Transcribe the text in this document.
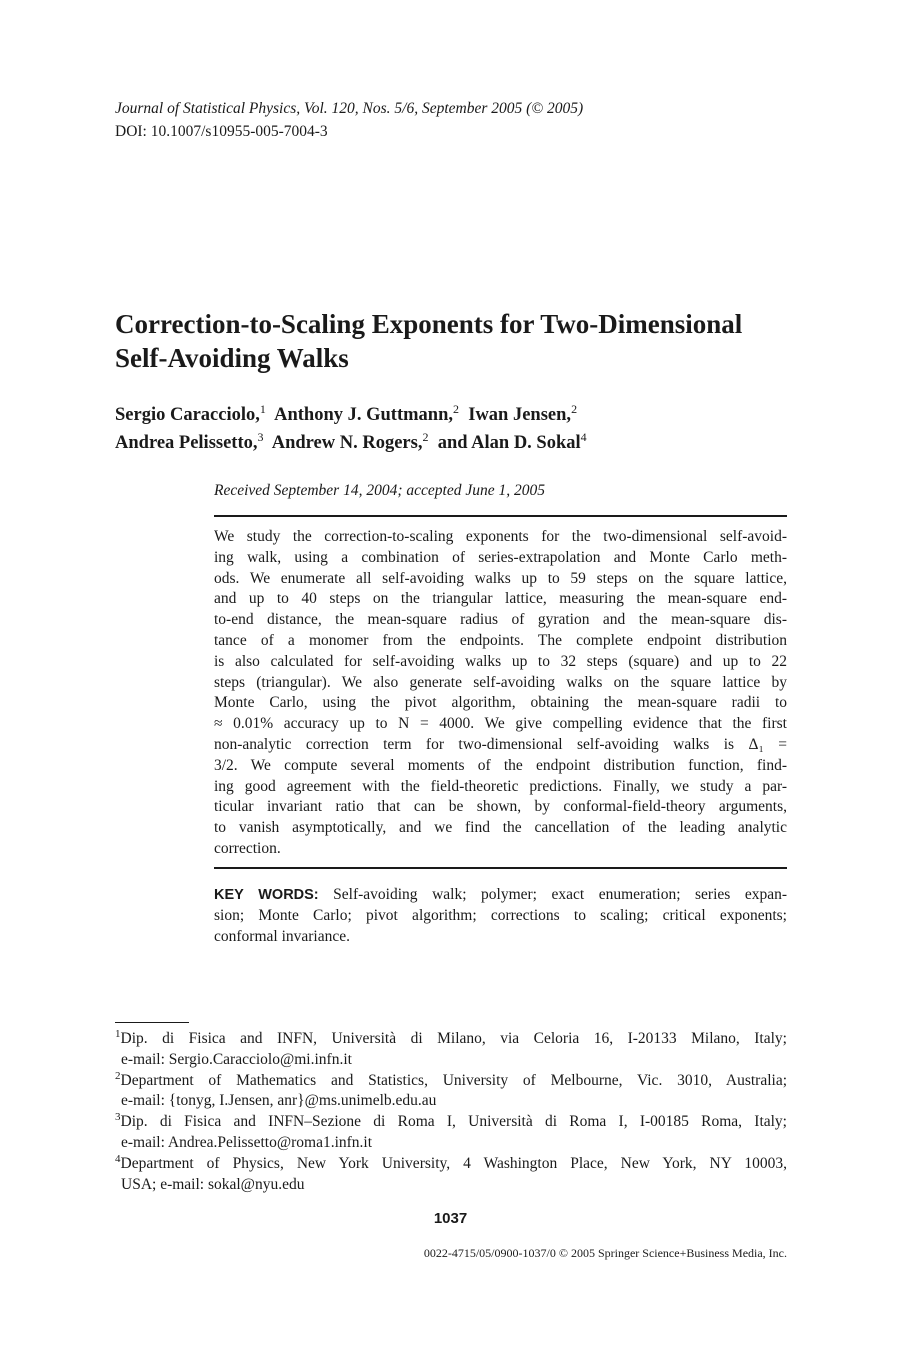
Journal of Statistical Physics, Vol. 120, Nos. 5/6, September 2005 (© 2005)
DOI: 10.1007/s10955-005-7004-3
Correction-to-Scaling Exponents for Two-Dimensional
Self-Avoiding Walks
Sergio Caracciolo,$^1$ Anthony J. Guttmann,$^2$ Iwan Jensen,$^2$
Andrea Pelissetto,$^3$ Andrew N. Rogers,$^2$ and Alan D. Sokal$^4$
Received September 14, 2004; accepted June 1, 2005
We study the correction-to-scaling exponents for the two-dimensional self-avoid-
ing walk, using a combination of series-extrapolation and Monte Carlo meth-
ods. We enumerate all self-avoiding walks up to 59 steps on the square lattice,
and up to 40 steps on the triangular lattice, measuring the mean-square end-
to-end distance, the mean-square radius of gyration and the mean-square dis-
tance of a monomer from the endpoints. The complete endpoint distribution
is also calculated for self-avoiding walks up to 32 steps (square) and up to 22
steps (triangular). We also generate self-avoiding walks on the square lattice by
Monte Carlo, using the pivot algorithm, obtaining the mean-square radii to
≈ 0.01% accuracy up to N = 4000. We give compelling evidence that the first
non-analytic correction term for two-dimensional self-avoiding walks is Δ₁ =
3/2. We compute several moments of the endpoint distribution function, find-
ing good agreement with the field-theoretic predictions. Finally, we study a par-
ticular invariant ratio that can be shown, by conformal-field-theory arguments,
to vanish asymptotically, and we find the cancellation of the leading analytic
correction.
KEY WORDS: Self-avoiding walk; polymer; exact enumeration; series expan-
sion; Monte Carlo; pivot algorithm; corrections to scaling; critical exponents;
conformal invariance.
$^1$Dip. di Fisica and INFN, Università di Milano, via Celoria 16, I-20133 Milano, Italy;
e-mail: Sergio.Caracciolo@mi.infn.it
$^2$Department of Mathematics and Statistics, University of Melbourne, Vic. 3010, Australia;
e-mail: {tonyg, I.Jensen, anr}@ms.unimelb.edu.au
$^3$Dip. di Fisica and INFN–Sezione di Roma I, Università di Roma I, I-00185 Roma, Italy;
e-mail: Andrea.Pelissetto@roma1.infn.it
$^4$Department of Physics, New York University, 4 Washington Place, New York, NY 10003,
USA; e-mail: sokal@nyu.edu
1037
0022-4715/05/0900-1037/0 © 2005 Springer Science+Business Media, Inc.
